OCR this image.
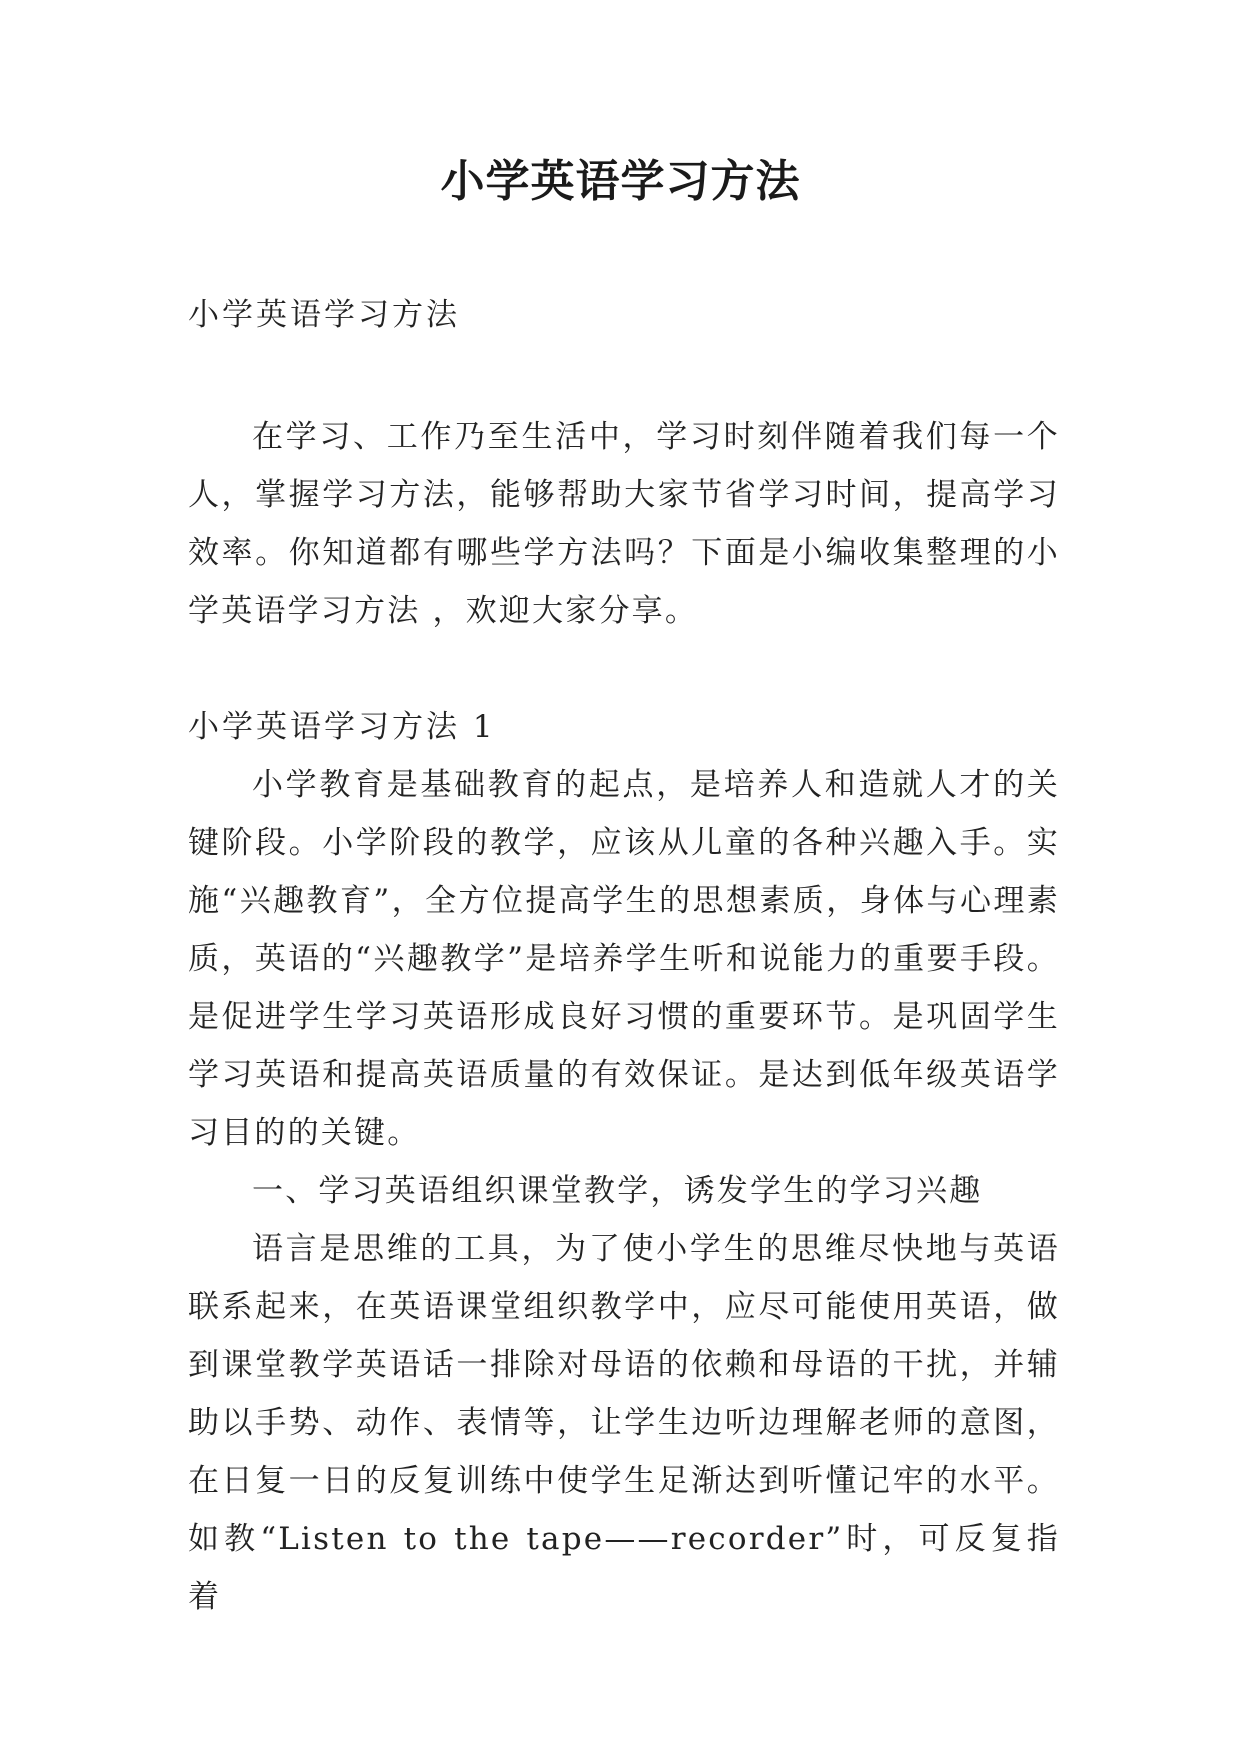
小学英语学习方法

小学英语学习方法

在学习、工作乃至生活中，学习时刻伴随着我们每一个人，掌握学习方法，能够帮助大家节省学习时间，提高学习效率。你知道都有哪些学方法吗？下面是小编收集整理的小学英语学习方法 ，欢迎大家分享。

小学英语学习方法 1

小学教育是基础教育的起点，是培养人和造就人才的关键阶段。小学阶段的教学，应该从儿童的各种兴趣入手。实施“兴趣教育”，全方位提高学生的思想素质，身体与心理素质，英语的“兴趣教学”是培养学生听和说能力的重要手段。是促进学生学习英语形成良好习惯的重要环节。是巩固学生学习英语和提高英语质量的有效保证。是达到低年级英语学习目的的关键。

一、学习英语组织课堂教学，诱发学生的学习兴趣

语言是思维的工具，为了使小学生的思维尽快地与英语联系起来，在英语课堂组织教学中，应尽可能使用英语，做到课堂教学英语话一排除对母语的依赖和母语的干扰，并辅助以手势、动作、表情等，让学生边听边理解老师的意图，在日复一日的反复训练中使学生足渐达到听懂记牢的水平。如教“Listen to the tape——recorder”时，可反复指着
